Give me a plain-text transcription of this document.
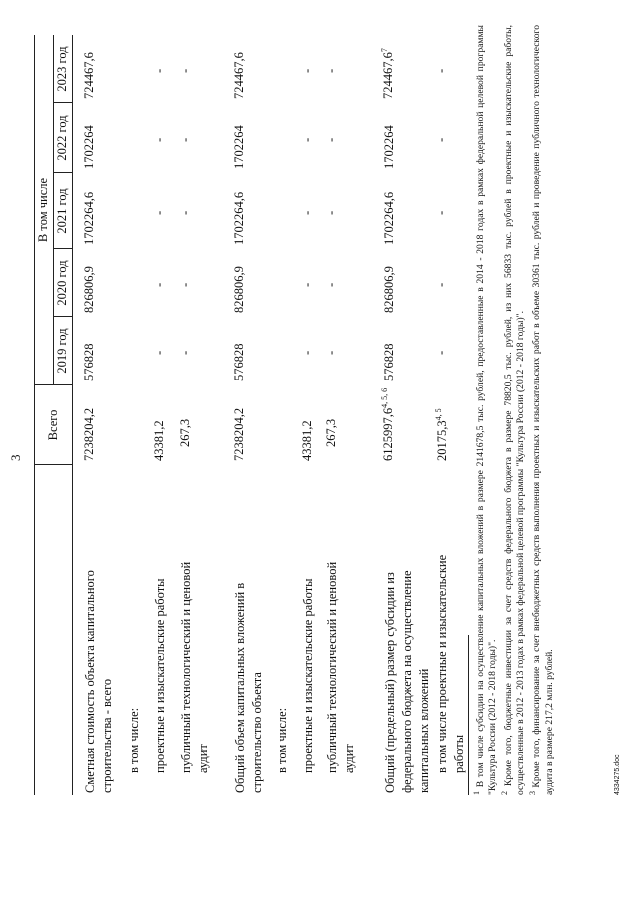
3
Всего
В том числе
2019 год
2020 год
2021 год
2022 год
2023 год
Сметная стоимость объекта капитального строительства - всего
7238204,2
576828
826806,9
1702264,6
1702264
724467,6
в том числе: проектные и изыскательские работы
43381,2
-
-
-
-
-
публичный технологический и ценовой аудит
267,3
-
-
-
-
-
Общий объем капитальных вложений в строительство объекта
7238204,2
576828
826806,9
1702264,6
1702264
724467,6
в том числе: проектные и изыскательские работы
43381,2
-
-
-
-
-
публичный технологический и ценовой аудит
267,3
-
-
-
-
-
Общий (предельный) размер субсидии из федерального бюджета на осуществление капитальных вложений
6125997,6$^{4, 5, 6}$
576828
826806,9
1702264,6
1702264
724467,6$^7$
в том числе проектные и изыскательские работы
20175,3$^{4, 5}$
-
-
-
-
-

$^1$ В том числе субсидии на осуществление капитальных вложений в размере 2141678,5 тыс. рублей, предоставленные в 2014 - 2018 годах в рамках федеральной целевой программы "Культура России (2012 - 2018 годы)". $^2$ Кроме того, бюджетные инвестиции за счет средств федерального бюджета в размере 78820,5 тыс. рублей, из них 56833 тыс. рублей в проектные и изыскательские работы, осуществленные в 2012 - 2013 годах в рамках федеральной целевой программы "Культура России (2012 - 2018 годы)". $^3$ Кроме того, финансирование за счет внебюджетных средств выполнения проектных и изыскательских работ в объеме 30361 тыс. рублей и проведение публичного технологического аудита в размере 217,2 млн. рублей.	4334275.doc
